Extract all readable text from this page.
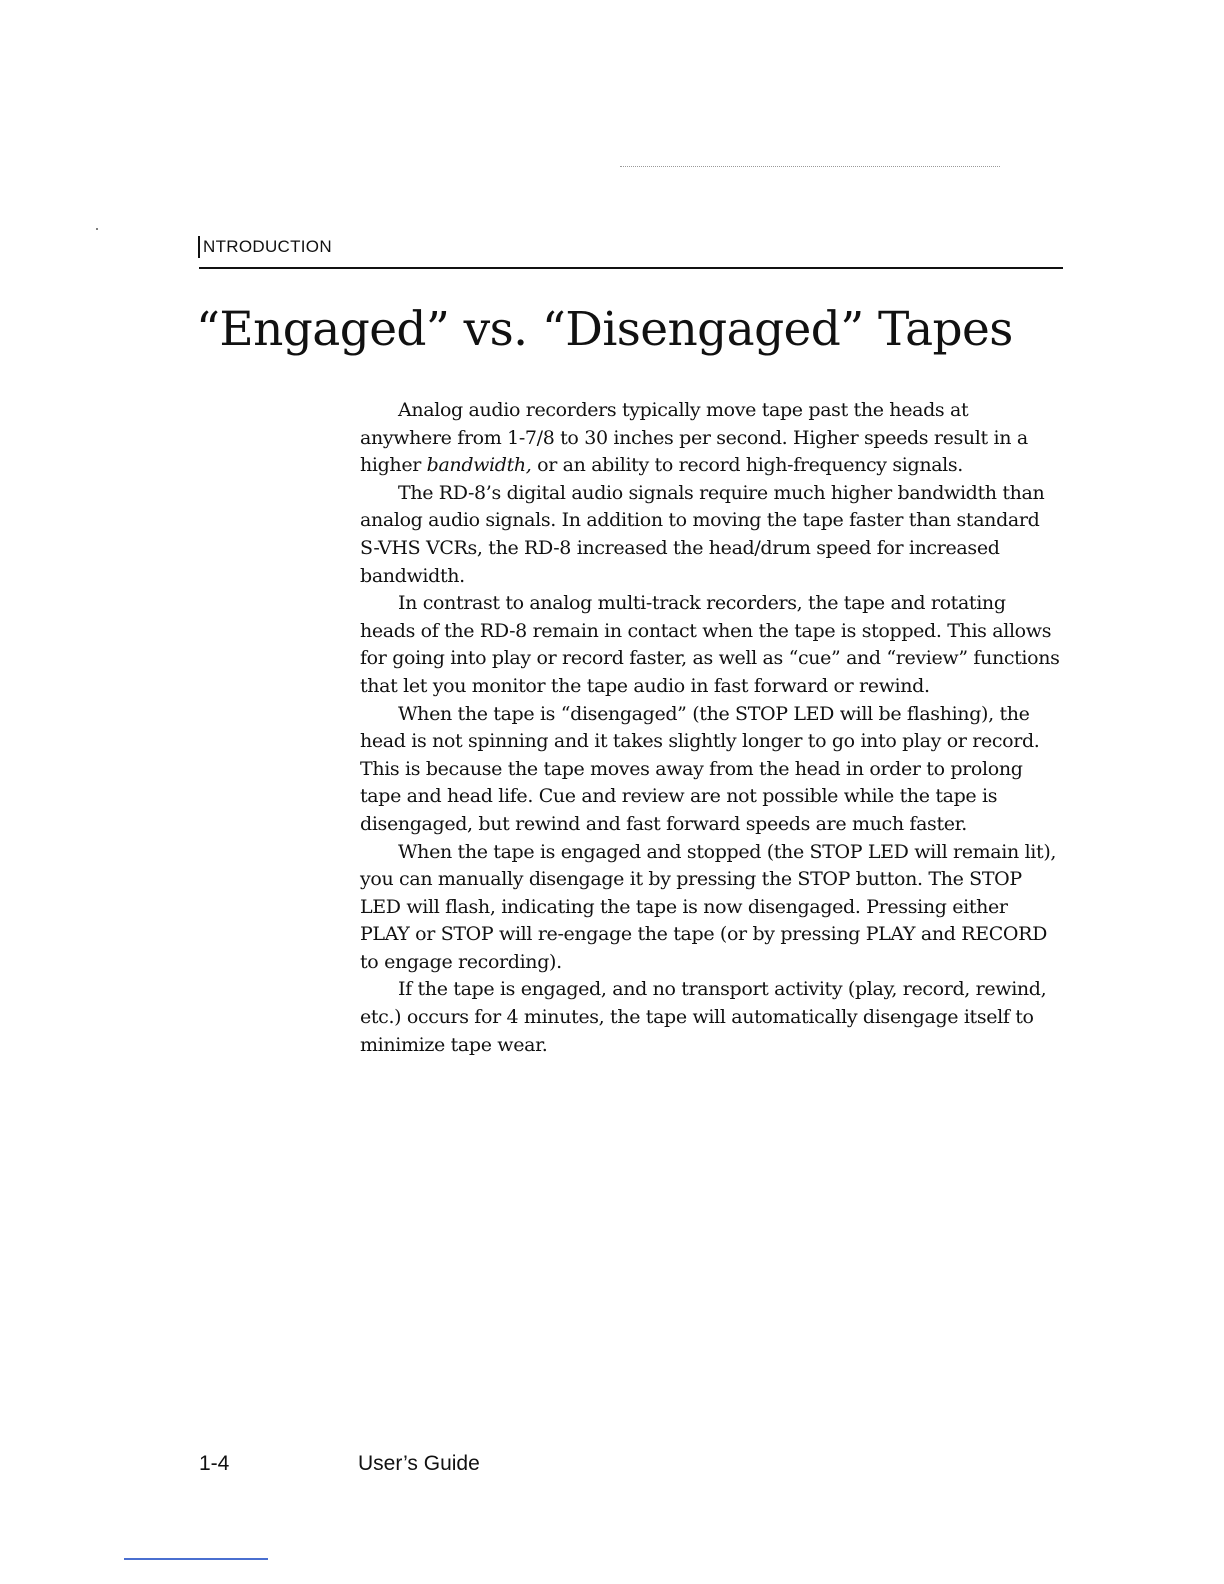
NTRODUCTION
“Engaged” vs. “Disengaged” Tapes

Analog audio recorders typically move tape past the heads at anywhere from 1-7/8 to 30 inches per second. Higher speeds result in a higher bandwidth, or an ability to record high-frequency signals.

The RD-8’s digital audio signals require much higher bandwidth than analog audio signals. In addition to moving the tape faster than standard S-VHS VCRs, the RD-8 increased the head/drum speed for increased bandwidth.

In contrast to analog multi-track recorders, the tape and rotating heads of the RD-8 remain in contact when the tape is stopped. This allows for going into play or record faster, as well as “cue” and “review” functions that let you monitor the tape audio in fast forward or rewind.

When the tape is “disengaged” (the STOP LED will be flashing), the head is not spinning and it takes slightly longer to go into play or record. This is because the tape moves away from the head in order to prolong tape and head life. Cue and review are not possible while the tape is disengaged, but rewind and fast forward speeds are much faster.

When the tape is engaged and stopped (the STOP LED will remain lit), you can manually disengage it by pressing the STOP button. The STOP LED will flash, indicating the tape is now disengaged. Pressing either PLAY or STOP will re-engage the tape (or by pressing PLAY and RECORD to engage recording).

If the tape is engaged, and no transport activity (play, record, rewind, etc.) occurs for 4 minutes, the tape will automatically disengage itself to minimize tape wear.

1-4	User’s Guide
